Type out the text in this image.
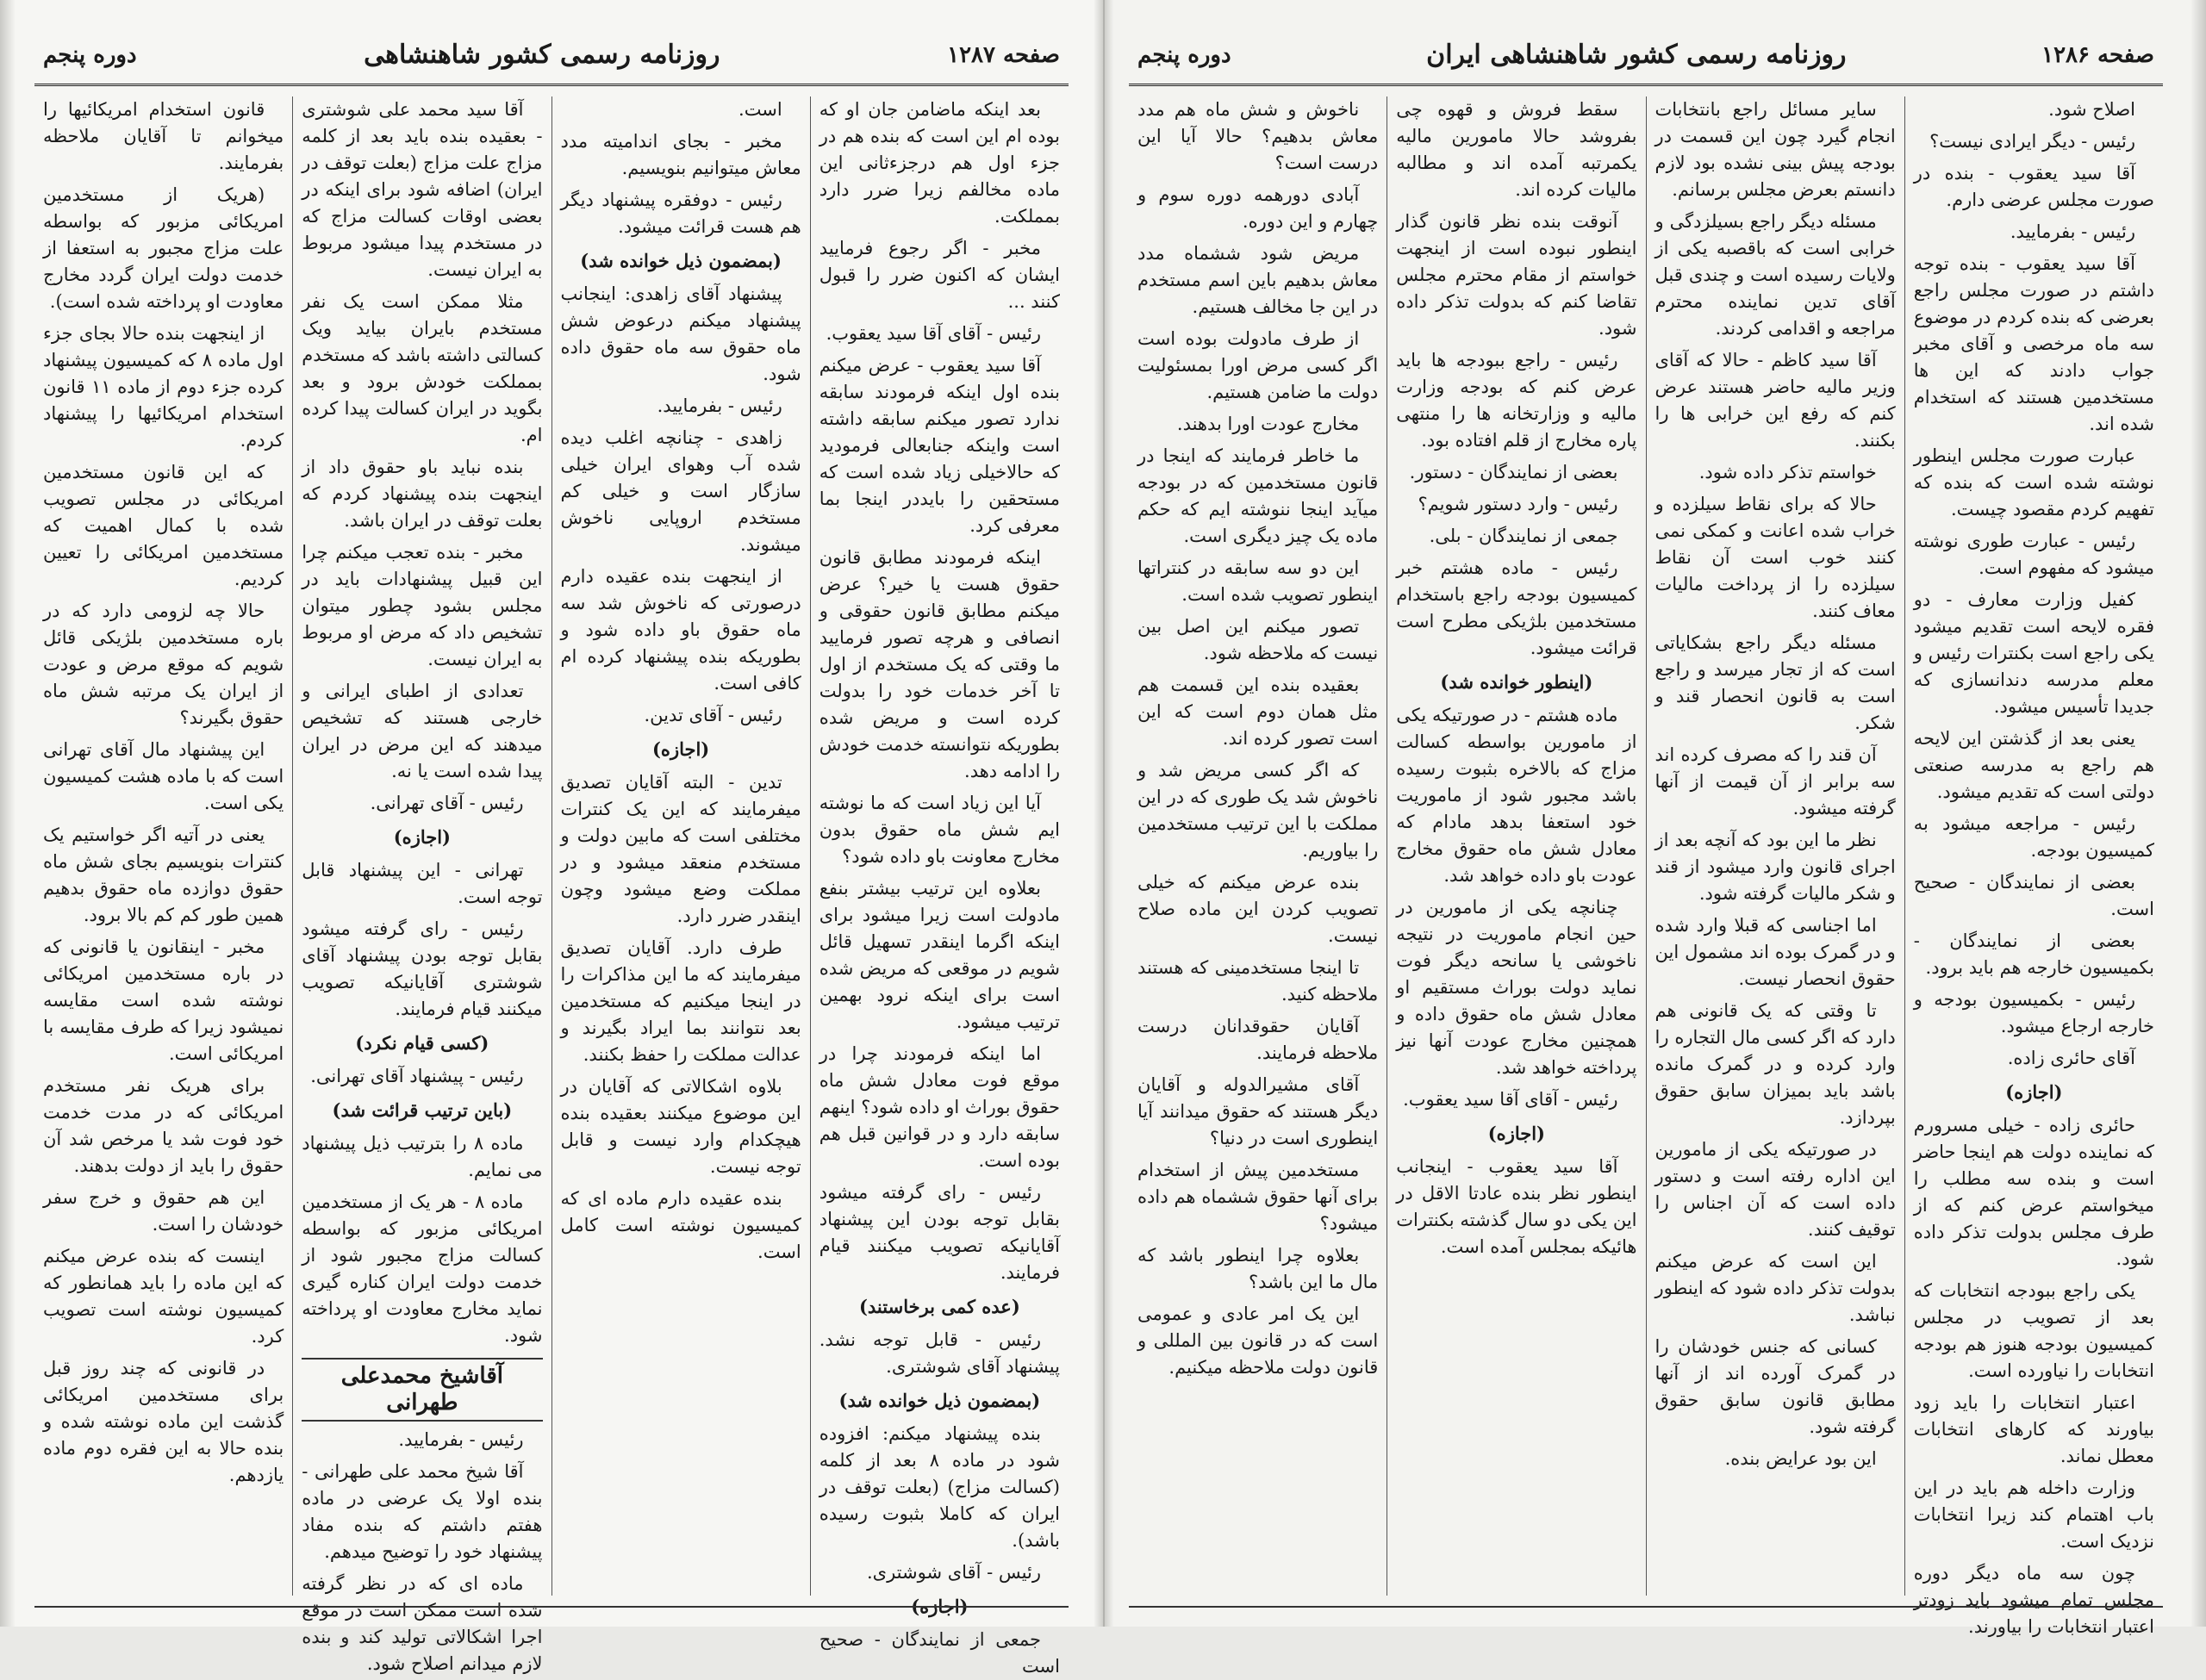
صفحه ۱۲۸۷
روزنامه رسمی کشور شاهنشاهی
دوره پنجم

بعد اینکه ماضامن جان او که بوده ام این است که بنده هم در جزء اول هم درجزءثانی این ماده مخالفم زیرا ضرر دارد بمملکت.

مخبر - اگر رجوع فرمایید ایشان که اکنون ضرر را قبول کنند ...

رئیس - آقای آقا سید یعقوب.

آقا سید یعقوب - عرض میکنم بنده اول اینکه فرمودند سابقه ندارد تصور میکنم سابقه داشته است واینکه جنابعالی فرمودید که حالاخیلی زیاد شده است که مستحقین را بایددر اینجا بما معرفی کرد.

اینکه فرمودند مطابق قانون حقوق هست یا خیر؟ عرض میکنم مطابق قانون حقوقی و انصافی و هرچه تصور فرمایید ما وقتی که یک مستخدم از اول تا آخر خدمات خود را بدولت کرده است و مریض شده بطوریکه نتوانسته خدمت خودش را ادامه دهد.

آیا این زیاد است که ما نوشته ایم شش ماه حقوق بدون مخارج معاونت باو داده شود؟

بعلاوه این ترتیب بیشتر بنفع مادولت است زیرا میشود برای اینکه اگرما اینقدر تسهیل قائل شویم در موقعی که مریض شده است برای اینکه نرود بهمین ترتیب میشود.

اما اینکه فرمودند چرا در موقع فوت معادل شش ماه حقوق بوراث او داده شود؟ اینهم سابقه دارد و در قوانین قبل هم بوده است.

رئیس - رای گرفته میشود بقابل توجه بودن این پیشنهاد آقایانیکه تصویب میکنند قیام فرمایند.

(عده کمی برخاستند)

رئیس - قابل توجه نشد. پیشنهاد آقای شوشتری.

(بمضمون ذیل خوانده شد)

بنده پیشنهاد میکنم: افزوده شود در ماده ۸ بعد از کلمه (کسالت مزاج) (بعلت توقف در ایران که کاملا بثبوت رسیده باشد).

رئیس - آقای شوشتری.

(اجازه)

جمعی از نمایندگان - صحیح است

است.

مخبر - بجای اندامیته مدد معاش میتوانیم بنویسیم.

رئیس - دوفقره پیشنهاد دیگر هم هست قرائت میشود.

(بمضمون ذیل خوانده شد)

پیشنهاد آقای زاهدی: اینجانب پیشنهاد میکنم درعوض شش ماه حقوق سه ماه حقوق داده شود.

رئیس - بفرمایید.

زاهدی - چنانچه اغلب دیده شده آب وهوای ایران خیلی سازگار است و خیلی کم مستخدم اروپایی ناخوش میشوند.

از اینجهت بنده عقیده دارم درصورتی که ناخوش شد سه ماه حقوق باو داده شود و بطوریکه بنده پیشنهاد کرده ام کافی است.

رئیس - آقای تدین.

(اجازه)

تدین - البته آقایان تصدیق میفرمایند که این یک کنترات مختلفی است که مابین دولت و مستخدم منعقد میشود و در مملکت وضع میشود وچون اینقدر ضرر دارد.

طرف دارد. آقایان تصدیق میفرمایند که ما این مذاکرات را در اینجا میکنیم که مستخدمین بعد نتوانند بما ایراد بگیرند و عدالت مملکت را حفظ بکنند.

بلاوه اشکالاتی که آقایان در این موضوع میکنند بعقیده بنده هیچکدام وارد نیست و قابل توجه نیست.

بنده عقیده دارم ماده ای که کمیسیون نوشته است کامل است.

آقا سید محمد علی شوشتری - بعقیده بنده باید بعد از کلمه مزاج علت مزاج (بعلت توقف در ایران) اضافه شود برای اینکه در بعضی اوقات کسالت مزاج که در مستخدم پیدا میشود مربوط به ایران نیست.

مثلا ممکن است یک نفر مستخدم بایران بیاید ویک کسالتی داشته باشد که مستخدم بمملکت خودش برود و بعد بگوید در ایران کسالت پیدا کرده ام.

بنده نباید باو حقوق داد از اینجهت بنده پیشنهاد کردم که بعلت توقف در ایران باشد.

مخبر - بنده تعجب میکنم چرا این قبیل پیشنهادات باید در مجلس بشود چطور میتوان تشخیص داد که مرض او مربوط به ایران نیست.

تعدادی از اطبای ایرانی و خارجی هستند که تشخیص میدهند که این مرض در ایران پیدا شده است یا نه.

رئیس - آقای تهرانی.

(اجازه)

تهرانی - این پیشنهاد قابل توجه است.

رئیس - رای گرفته میشود بقابل توجه بودن پیشنهاد آقای شوشتری آقایانیکه تصویب میکنند قیام فرمایند.

(کسی قیام نکرد)

رئیس - پیشنهاد آقای تهرانی.

(باین ترتیب قرائت شد)

ماده ۸ را بترتیب ذیل پیشنهاد می نمایم.

ماده ۸ - هر یک از مستخدمین امریکائی مزبور که بواسطه کسالت مزاج مجبور شود از خدمت دولت ایران کناره گیری نماید مخارج معاودت او پرداخته شود.

آقاشیخ محمدعلی طهرانی

رئیس - بفرمایید.

آقا شیخ محمد علی طهرانی - بنده اولا یک عرضی در ماده هفتم داشتم که بنده مفاد پیشنهاد خود را توضیح میدهم.

ماده ای که در نظر گرفته شده است ممکن است در موقع اجرا اشکالاتی تولید کند و بنده لازم میدانم اصلاح شود.

قانون استخدام امریکائیها را میخوانم تا آقایان ملاحظه بفرمایند.

(هریک از مستخدمین امریکائی مزبور که بواسطه علت مزاج مجبور به استعفا از خدمت دولت ایران گردد مخارج معاودت او پرداخته شده است).

از اینجهت بنده حالا بجای جزء اول ماده ۸ که کمیسیون پیشنهاد کرده جزء دوم از ماده ۱۱ قانون استخدام امریکائیها را پیشنهاد کردم.

که این قانون مستخدمین امریکائی در مجلس تصویب شده با کمال اهمیت که مستخدمین امریکائی را تعیین کردیم.

حالا چه لزومی دارد که در باره مستخدمین بلژیکی قائل شویم که موقع مرض و عودت از ایران یک مرتبه شش ماه حقوق بگیرند؟

این پیشنهاد مال آقای تهرانی است که با ماده هشت کمیسیون یکی است.

یعنی در آتیه اگر خواستیم یک کنترات بنویسیم بجای شش ماه حقوق دوازده ماه حقوق بدهیم همین طور کم کم بالا برود.

مخبر - اینقانون یا قانونی که در باره مستخدمین امریکائی نوشته شده است مقایسه نمیشود زیرا که طرف مقایسه با امریکائی است.

برای هریک نفر مستخدم امریکائی که در مدت خدمت خود فوت شد یا مرخص شد آن حقوق را باید از دولت بدهند.

این هم حقوق و خرج سفر خودشان را است.

اینست که بنده عرض میکنم که این ماده را باید همانطور که کمیسیون نوشته است تصویب کرد.

در قانونی که چند روز قبل برای مستخدمین امریکائی گذشت این ماده نوشته شده و بنده حالا به این فقره دوم ماده یازدهم.

صفحه ۱۲۸۶
روزنامه رسمی کشور شاهنشاهی ایران
دوره پنجم

اصلاح شود.

رئیس - دیگر ایرادی نیست؟

آقا سید یعقوب - بنده در صورت مجلس عرضی دارم.

رئیس - بفرمایید.

آقا سید یعقوب - بنده توجه داشتم در صورت مجلس راجع بعرضی که بنده کردم در موضوع سه ماه مرخصی و آقای مخبر جواب دادند که این ها مستخدمین هستند که استخدام شده اند.

عبارت صورت مجلس اینطور نوشته شده است که بنده که تفهیم کردم مقصود چیست.

رئیس - عبارت طوری نوشته میشود که مفهوم است.

کفیل وزارت معارف - دو فقره لایحه است تقدیم میشود یکی راجع است بکنترات رئیس و معلم مدرسه دندانسازی که جدیدا تأسیس میشود.

یعنی بعد از گذشتن این لایحه هم راجع به مدرسه صنعتی دولتی است که تقدیم میشود.

رئیس - مراجعه میشود به کمیسیون بودجه.

بعضی از نمایندگان - صحیح است.

بعضی از نمایندگان - بکمیسیون خارجه هم باید برود.

رئیس - بکمیسیون بودجه و خارجه ارجاع میشود.

آقای حائری زاده.

(اجازه)

حائری زاده - خیلی مسرورم که نماینده دولت هم اینجا حاضر است و بنده سه مطلب را میخواستم عرض کنم که از طرف مجلس بدولت تذکر داده شود.

یکی راجع ببودجه انتخابات که بعد از تصویب در مجلس کمیسیون بودجه هنوز هم بودجه انتخابات را نیاورده است.

اعتبار انتخابات را باید زود بیاورند که کارهای انتخابات معطل نماند.

وزارت داخله هم باید در این باب اهتمام کند زیرا انتخابات نزدیک است.

چون سه ماه دیگر دوره مجلس تمام میشود باید زودتر اعتبار انتخابات را بیاورند.

سایر مسائل راجع بانتخابات انجام گیرد چون این قسمت در بودجه پیش بینی نشده بود لازم دانستم بعرض مجلس برسانم.

مسئله دیگر راجع بسیلزدگی و خرابی است که باقصبه یکی از ولایات رسیده است و چندی قبل آقای تدین نماینده محترم مراجعه و اقدامی کردند.

آقا سید کاظم - حالا که آقای وزیر مالیه حاضر هستند عرض کنم که رفع این خرابی ها را بکنند.

خواستم تذکر داده شود.

حالا که برای نقاط سیلزده و خراب شده اعانت و کمکی نمی کنند خوب است آن نقاط سیلزده را از پرداخت مالیات معاف کنند.

مسئله دیگر راجع بشکایاتی است که از تجار میرسد و راجع است به قانون انحصار قند و شکر.

آن قند را که مصرف کرده اند سه برابر از آن قیمت از آنها گرفته میشود.

نظر ما این بود که آنچه بعد از اجرای قانون وارد میشود از قند و شکر مالیات گرفته شود.

اما اجناسی که قبلا وارد شده و در گمرک بوده اند مشمول این حقوق انحصار نیست.

تا وقتی که یک قانونی هم دارد که اگر کسی مال التجاره را وارد کرده و در گمرک مانده باشد باید بمیزان سابق حقوق بپردازد.

در صورتیکه یکی از مامورین این اداره رفته است و دستور داده است که آن اجناس را توقیف کنند.

این است که عرض میکنم بدولت تذکر داده شود که اینطور نباشد.

کسانی که جنس خودشان را در گمرک آورده اند از آنها مطابق قانون سابق حقوق گرفته شود.

این بود عرایض بنده.

سقط فروش و قهوه چی بفروشد حالا مامورین مالیه یکمرتبه آمده اند و مطالبه مالیات کرده اند.

آنوقت بنده نظر قانون گذار اینطور نبوده است از اینجهت خواستم از مقام محترم مجلس تقاضا کنم که بدولت تذکر داده شود.

رئیس - راجع ببودجه ها باید عرض کنم که بودجه وزارت مالیه و وزارتخانه ها را منتهی پاره مخارج از قلم افتاده بود.

بعضی از نمایندگان - دستور.

رئیس - وارد دستور شویم؟

جمعی از نمایندگان - بلی.

رئیس - ماده هشتم خبر کمیسیون بودجه راجع باستخدام مستخدمین بلژیکی مطرح است قرائت میشود.

(اینطور خوانده شد)

ماده هشتم - در صورتیکه یکی از مامورین بواسطه کسالت مزاج که بالاخره بثبوت رسیده باشد مجبور شود از ماموریت خود استعفا بدهد مادام که معادل شش ماه حقوق مخارج عودت باو داده خواهد شد.

چنانچه یکی از مامورین در حین انجام ماموریت در نتیجه ناخوشی یا سانحه دیگر فوت نماید دولت بوراث مستقیم او معادل شش ماه حقوق داده و همچنین مخارج عودت آنها نیز پرداخته خواهد شد.

رئیس - آقای آقا سید یعقوب.

(اجازه)

آقا سید یعقوب - اینجانب اینطور نظر بنده عادتا الاقل در این یکی دو سال گذشته بکنترات هائیکه بمجلس آمده است.

ناخوش و شش ماه هم مدد معاش بدهیم؟ حالا آیا این درست است؟

آبادی دورهمه دوره سوم و چهارم و این دوره.

مریض شود ششماه مدد معاش بدهیم باین اسم مستخدم در این جا مخالف هستیم.

از طرف مادولت بوده است اگر کسی مرض اورا بمسئولیت دولت ما ضامن هستیم.

مخارج عودت اورا بدهند.

ما خاطر فرمایند که اینجا در قانون مستخدمین که در بودجه میآید اینجا ننوشته ایم که حکم ماده یک چیز دیگری است.

این دو سه سابقه در کنتراتها اینطور تصویب شده است.

تصور میکنم این اصل بین نیست که ملاحظه شود.

بعقیده بنده این قسمت هم مثل همان دوم است که این است تصور کرده اند.

که اگر کسی مریض شد و ناخوش شد یک طوری که در این مملکت با این ترتیب مستخدمین را بیاوریم.

بنده عرض میکنم که خیلی تصویب کردن این ماده صلاح نیست.

تا اینجا مستخدمینی که هستند ملاحظه کنید.

آقایان حقوقدانان درست ملاحظه فرمایند.

آقای مشیرالدوله و آقایان دیگر هستند که حقوق میدانند آیا اینطوری است در دنیا؟

مستخدمین پیش از استخدام برای آنها حقوق ششماه هم داده میشود؟

بعلاوه چرا اینطور باشد که مال ما این باشد؟

این یک امر عادی و عمومی است که در قانون بین المللی و قانون دولت ملاحظه میکنیم.
